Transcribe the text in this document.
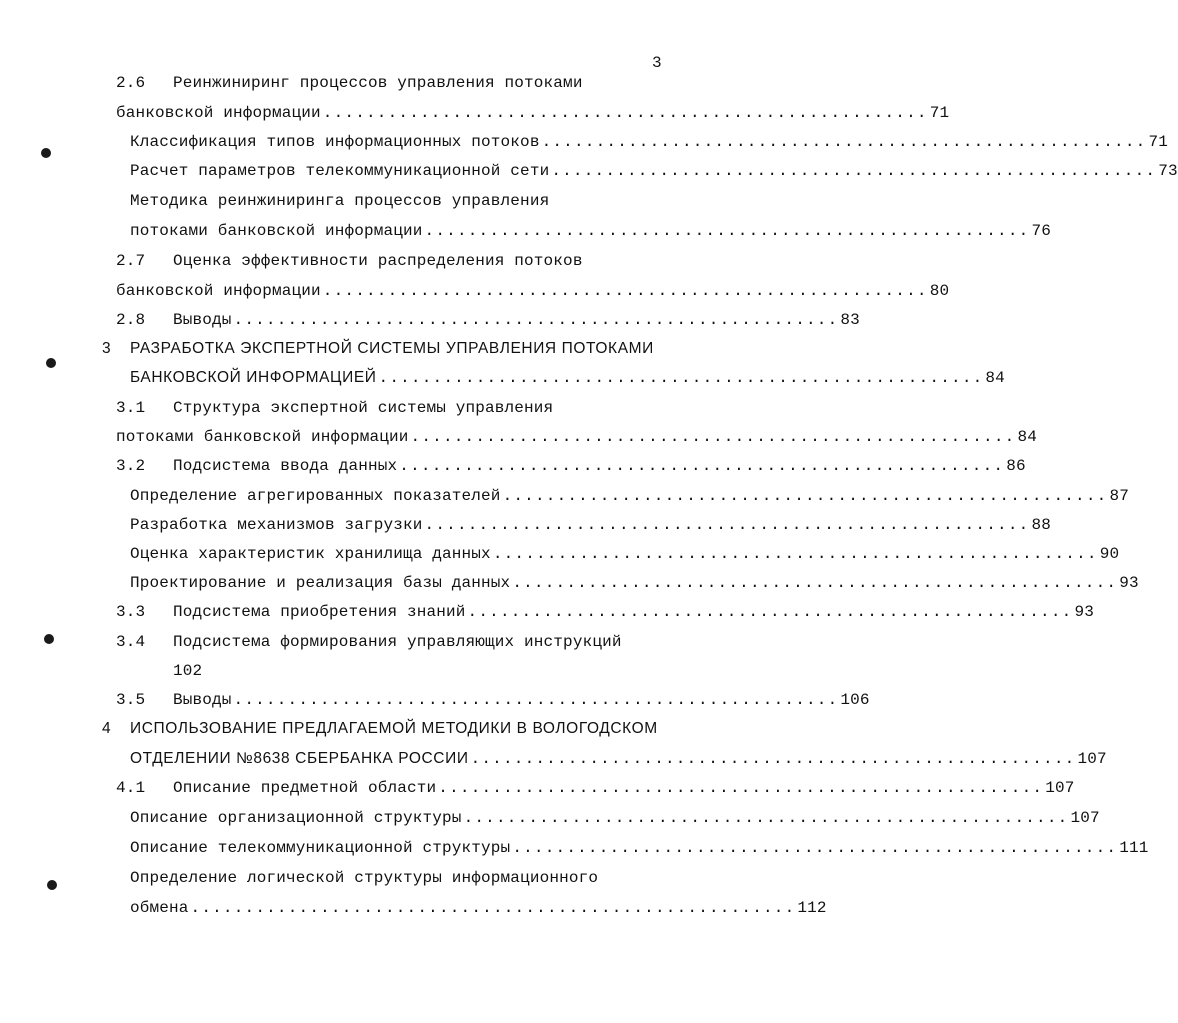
3
2.6 Реинжиниринг процессов управления потоками
банковской информации ........................................................ 71
Классификация типов информационных потоков ........................................................ 71
Расчет параметров телекоммуникационной сети ........................................................ 73
Методика реинжиниринга процессов управления
потоками банковской информации ........................................................ 76
2.7 Оценка эффективности распределения потоков
банковской информации ........................................................ 80
2.8	Выводы ........................................................ 83
3 РАЗРАБОТКА ЭКСПЕРТНОЙ СИСТЕМЫ УПРАВЛЕНИЯ ПОТОКАМИ
БАНКОВСКОЙ ИНФОРМАЦИЕЙ ........................................................ 84
3.1 Структура экспертной системы управления
потоками банковской информации ........................................................ 84
3.2	Подсистема ввода данных ........................................................ 86
Определение агрегированных показателей ........................................................ 87
Разработка механизмов загрузки ........................................................ 88
Оценка характеристик хранилища данных ........................................................ 90
Проектирование и реализация базы данных ........................................................ 93
3.3	Подсистема приобретения знаний ........................................................ 93
3.4 Подсистема формирования управляющих инструкций
102
3.5	Выводы ........................................................ 106
4 ИСПОЛЬЗОВАНИЕ ПРЕДЛАГАЕМОЙ МЕТОДИКИ В ВОЛОГОДСКОМ
ОТДЕЛЕНИИ №8638 СБЕРБАНКА РОССИИ ........................................................ 107
4.1	Описание предметной области ........................................................ 107
Описание организационной структуры ........................................................ 107
Описание телекоммуникационной структуры ........................................................ 111
Определение логической структуры информационного
обмена ........................................................ 112
